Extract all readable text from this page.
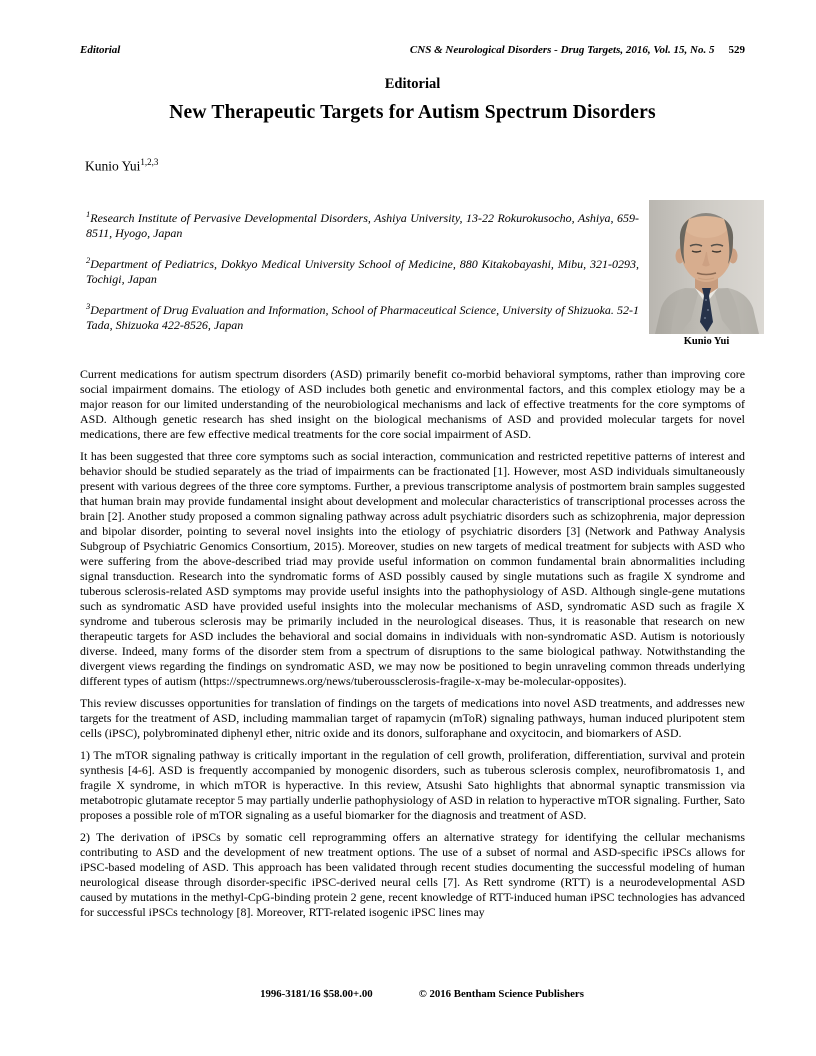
Editorial	CNS & Neurological Disorders - Drug Targets, 2016, Vol. 15, No. 5 529
Editorial
New Therapeutic Targets for Autism Spectrum Disorders
Kunio Yui$^{1,2,3}$

$^1$Research Institute of Pervasive Developmental Disorders, Ashiya University, 13-22 Rokurokusocho, Ashiya, 659-8511, Hyogo, Japan

$^2$Department of Pediatrics, Dokkyo Medical University School of Medicine, 880 Kitakobayashi, Mibu, 321-0293, Tochigi, Japan

$^3$Department of Drug Evaluation and Information, School of Pharmaceutical Science, University of Shizuoka. 52-1 Tada, Shizuoka 422-8526, Japan

Kunio Yui

Current medications for autism spectrum disorders (ASD) primarily benefit co-morbid behavioral symptoms, rather than improving core social impairment domains. The etiology of ASD includes both genetic and environmental factors, and this complex etiology may be a major reason for our limited understanding of the neurobiological mechanisms and lack of effective treatments for the core symptoms of ASD. Although genetic research has shed insight on the biological mechanisms of ASD and provided molecular targets for novel medications, there are few effective medical treatments for the core social impairment of ASD.

It has been suggested that three core symptoms such as social interaction, communication and restricted repetitive patterns of interest and behavior should be studied separately as the triad of impairments can be fractionated [1]. However, most ASD individuals simultaneously present with various degrees of the three core symptoms. Further, a previous transcriptome analysis of postmortem brain samples suggested that human brain may provide fundamental insight about development and molecular characteristics of transcriptional processes across the brain [2]. Another study proposed a common signaling pathway across adult psychiatric disorders such as schizophrenia, major depression and bipolar disorder, pointing to several novel insights into the etiology of psychiatric disorders [3] (Network and Pathway Analysis Subgroup of Psychiatric Genomics Consortium, 2015). Moreover, studies on new targets of medical treatment for subjects with ASD who were suffering from the above-described triad may provide useful information on common fundamental brain abnormalities including signal transduction. Research into the syndromatic forms of ASD possibly caused by single mutations such as fragile X syndrome and tuberous sclerosis-related ASD symptoms may provide useful insights into the pathophysiology of ASD. Although single-gene mutations such as syndromatic ASD have provided useful insights into the molecular mechanisms of ASD, syndromatic ASD such as fragile X syndrome and tuberous sclerosis may be primarily included in the neurological diseases. Thus, it is reasonable that research on new therapeutic targets for ASD includes the behavioral and social domains in individuals with non-syndromatic ASD. Autism is notoriously diverse. Indeed, many forms of the disorder stem from a spectrum of disruptions to the same biological pathway. Notwithstanding the divergent views regarding the findings on syndromatic ASD, we may now be positioned to begin unraveling common threads underlying different types of autism (https://spectrumnews.org/news/tuberoussclerosis-fragile-x-may be-molecular-opposites).

This review discusses opportunities for translation of findings on the targets of medications into novel ASD treatments, and addresses new targets for the treatment of ASD, including mammalian target of rapamycin (mToR) signaling pathways, human induced pluripotent stem cells (iPSC), polybrominated diphenyl ether, nitric oxide and its donors, sulforaphane and oxycitocin, and biomarkers of ASD.

1) The mTOR signaling pathway is critically important in the regulation of cell growth, proliferation, differentiation, survival and protein synthesis [4-6]. ASD is frequently accompanied by monogenic disorders, such as tuberous sclerosis complex, neurofibromatosis 1, and fragile X syndrome, in which mTOR is hyperactive. In this review, Atsushi Sato highlights that abnormal synaptic transmission via metabotropic glutamate receptor 5 may partially underlie pathophysiology of ASD in relation to hyperactive mTOR signaling. Further, Sato proposes a possible role of mTOR signaling as a useful biomarker for the diagnosis and treatment of ASD.

2) The derivation of iPSCs by somatic cell reprogramming offers an alternative strategy for identifying the cellular mechanisms contributing to ASD and the development of new treatment options. The use of a subset of normal and ASD-specific iPSCs allows for iPSC-based modeling of ASD. This approach has been validated through recent studies documenting the successful modeling of human neurological disease through disorder-specific iPSC-derived neural cells [7]. As Rett syndrome (RTT) is a neurodevelopmental ASD caused by mutations in the methyl-CpG-binding protein 2 gene, recent knowledge of RTT-induced human iPSC technologies has advanced for successful iPSCs technology [8]. Moreover, RTT-related isogenic iPSC lines may

1996-3181/16 $58.00+.00	© 2016 Bentham Science Publishers
